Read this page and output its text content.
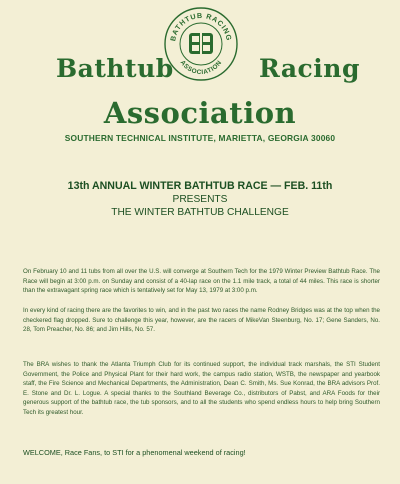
BATHTUB RACING
ASSOCIATION
Bathtub	Racing
Association
SOUTHERN TECHNICAL INSTITUTE, MARIETTA, GEORGIA 30060
13th ANNUAL WINTER BATHTUB RACE — FEB. 11th
PRESENTS
THE WINTER BATHTUB CHALLENGE
On February 10 and 11 tubs from all over the U.S. will converge at Southern Tech for the 1979 Winter Preview Bathtub Race. The Race will begin at 3:00 p.m. on Sunday and consist of a 40-lap race on the 1.1 mile track, a total of 44 miles. This race is shorter than the extravagant spring race which is tentatively set for May 13, 1979 at 3:00 p.m.
In every kind of racing there are the favorites to win, and in the past two races the name Rodney Bridges was at the top when the checkered flag dropped. Sure to challenge this year, however, are the racers of MikeVan Steenburg, No. 17; Gene Sanders, No. 28, Tom Preacher, No. 86; and Jim Hills, No. 57.
The BRA wishes to thank the Atlanta Triumph Club for its continued support, the individual track marshals, the STI Student Government, the Police and Physical Plant for their hard work, the campus radio station, WSTB, the newspaper and yearbook staff, the Fire Science and Mechanical Departments, the Administration, Dean C. Smith, Ms. Sue Konrad, the BRA advisors Prof. E. Stone and Dr. L. Logue. A special thanks to the Southland Beverage Co., distributors of Pabst, and ARA Foods for their generous support of the bathtub race, the tub sponsors, and to all the students who spend endless hours to help bring Southern Tech its greatest hour.
WELCOME, Race Fans, to STI for a phenomenal weekend of racing!
